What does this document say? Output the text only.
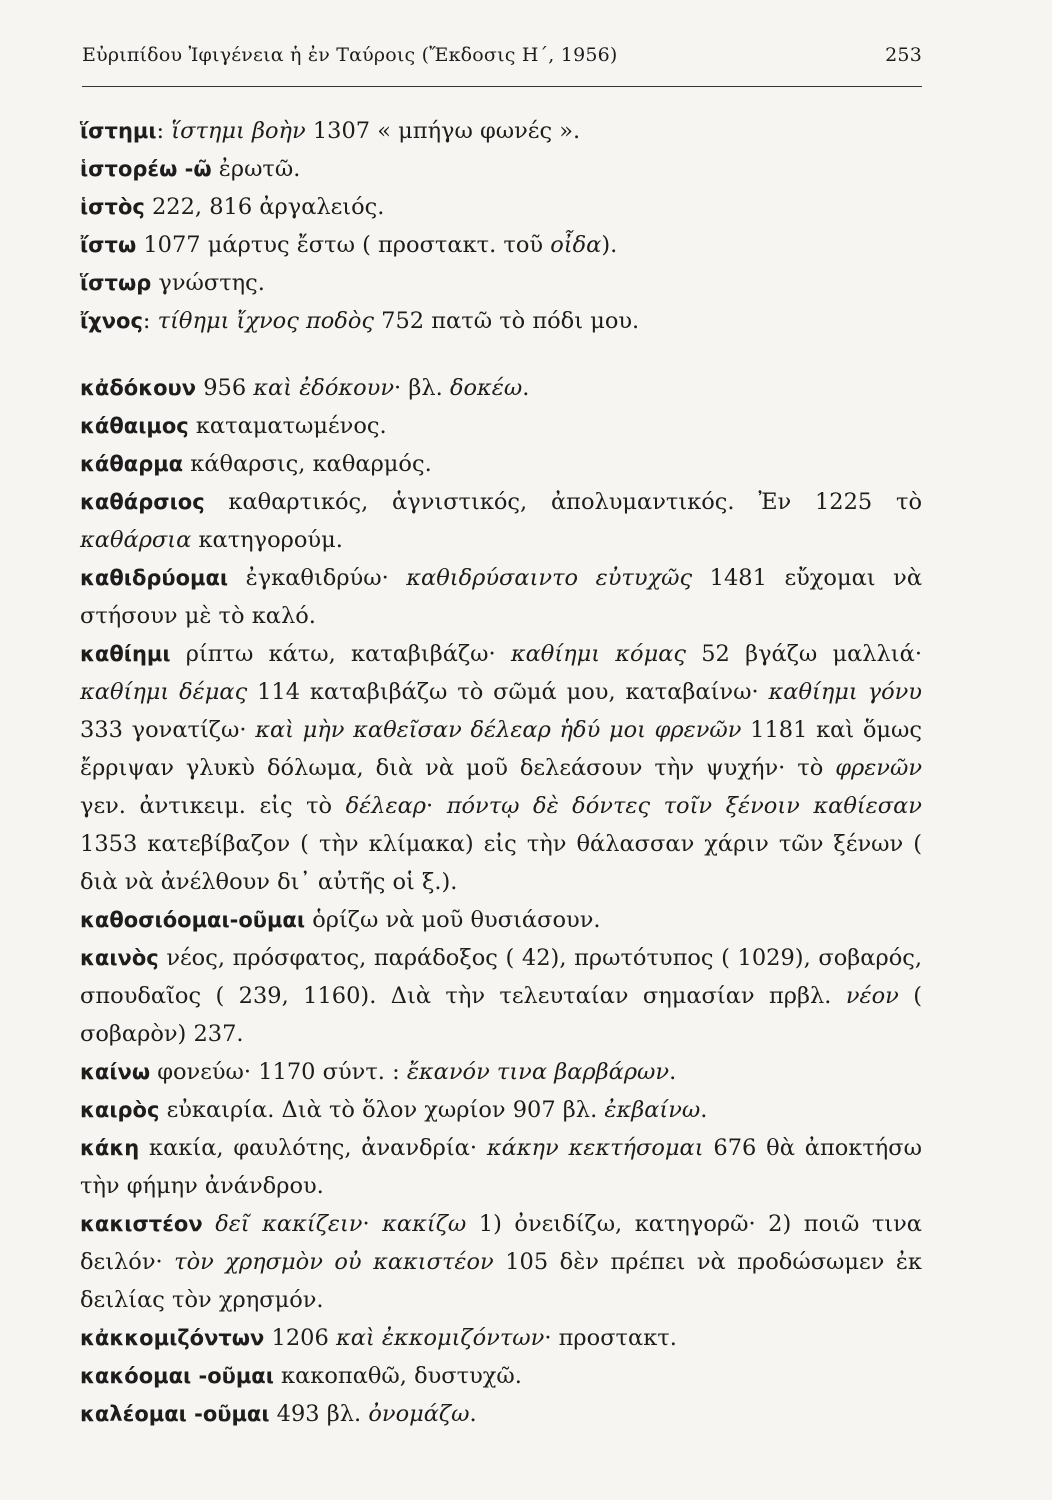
Εὐριπίδου Ἰφιγένεια ἡ ἐν Ταύροις (Ἔκδοσις Η΄, 1956)	253
ἵστημι: ἵστημι βοὴν 1307 « μπήγω φωνές ».
ἱστορέω -ῶ ἐρωτῶ.
ἱστὸς 222, 816 ἀργαλειός.
ἴστω 1077 μάρτυς ἔστω ( προστακτ. τοῦ οἶδα).
ἵστωρ γνώστης.
ἴχνος: τίθημι ἴχνος ποδὸς 752 πατῶ τὸ πόδι μου.
κἀδόκουν 956 καὶ ἐδόκουν· βλ. δοκέω.
κάθαιμος καταματωμένος.
κάθαρμα κάθαρσις, καθαρμός.
καθάρσιος καθαρτικός, ἁγνιστικός, ἀπολυμαντικός. Ἐν 1225 τὸ καθάρσια κατηγορούμ.
καθιδρύομαι ἐγκαθιδρύω· καθιδρύσαιντο εὐτυχῶς 1481 εὔχομαι νὰ στήσουν μὲ τὸ καλό.
καθίημι ρίπτω κάτω, καταβιβάζω· καθίημι κόμας 52 βγάζω μαλλιά· καθίημι δέμας 114 καταβιβάζω τὸ σῶμά μου, καταβαίνω· καθίημι γόνυ 333 γονατίζω· καὶ μὴν καθεῖσαν δέλεαρ ἡδύ μοι φρενῶν 1181 καὶ ὅμως ἔρριψαν γλυκὺ δόλωμα, διὰ νὰ μοῦ δελεάσουν τὴν ψυχήν· τὸ φρενῶν γεν. ἀντικειμ. εἰς τὸ δέλεαρ· πόντῳ δὲ δόντες τοῖν ξένοιν καθίεσαν 1353 κατεβίβαζον ( τὴν κλίμακα) εἰς τὴν θάλασσαν χάριν τῶν ξένων ( διὰ νὰ ἀνέλθουν δι᾽ αὐτῆς οἱ ξ.).
καθοσιόομαι-οῦμαι ὁρίζω νὰ μοῦ θυσιάσουν.
καινὸς νέος, πρόσφατος, παράδοξος ( 42), πρωτότυπος ( 1029), σοβαρός, σπουδαῖος ( 239, 1160). Διὰ τὴν τελευταίαν σημασίαν πρβλ. νέον ( σοβαρὸν) 237.
καίνω φονεύω· 1170 σύντ. : ἔκανόν τινα βαρβάρων.
καιρὸς εὐκαιρία. Διὰ τὸ ὅλον χωρίον 907 βλ. ἐκβαίνω.
κάκη κακία, φαυλότης, ἀνανδρία· κάκην κεκτήσομαι 676 θὰ ἀποκτήσω τὴν φήμην ἀνάνδρου.
κακιστέον δεῖ κακίζειν· κακίζω 1) ὀνειδίζω, κατηγορῶ· 2) ποιῶ τινα δειλόν· τὸν χρησμὸν οὐ κακιστέον 105 δὲν πρέπει νὰ προδώσωμεν ἐκ δειλίας τὸν χρησμόν.
κἀκκομιζόντων 1206 καὶ ἐκκομιζόντων· προστακτ.
κακόομαι -οῦμαι κακοπαθῶ, δυστυχῶ.
καλέομαι -οῦμαι 493 βλ. ὀνομάζω.
